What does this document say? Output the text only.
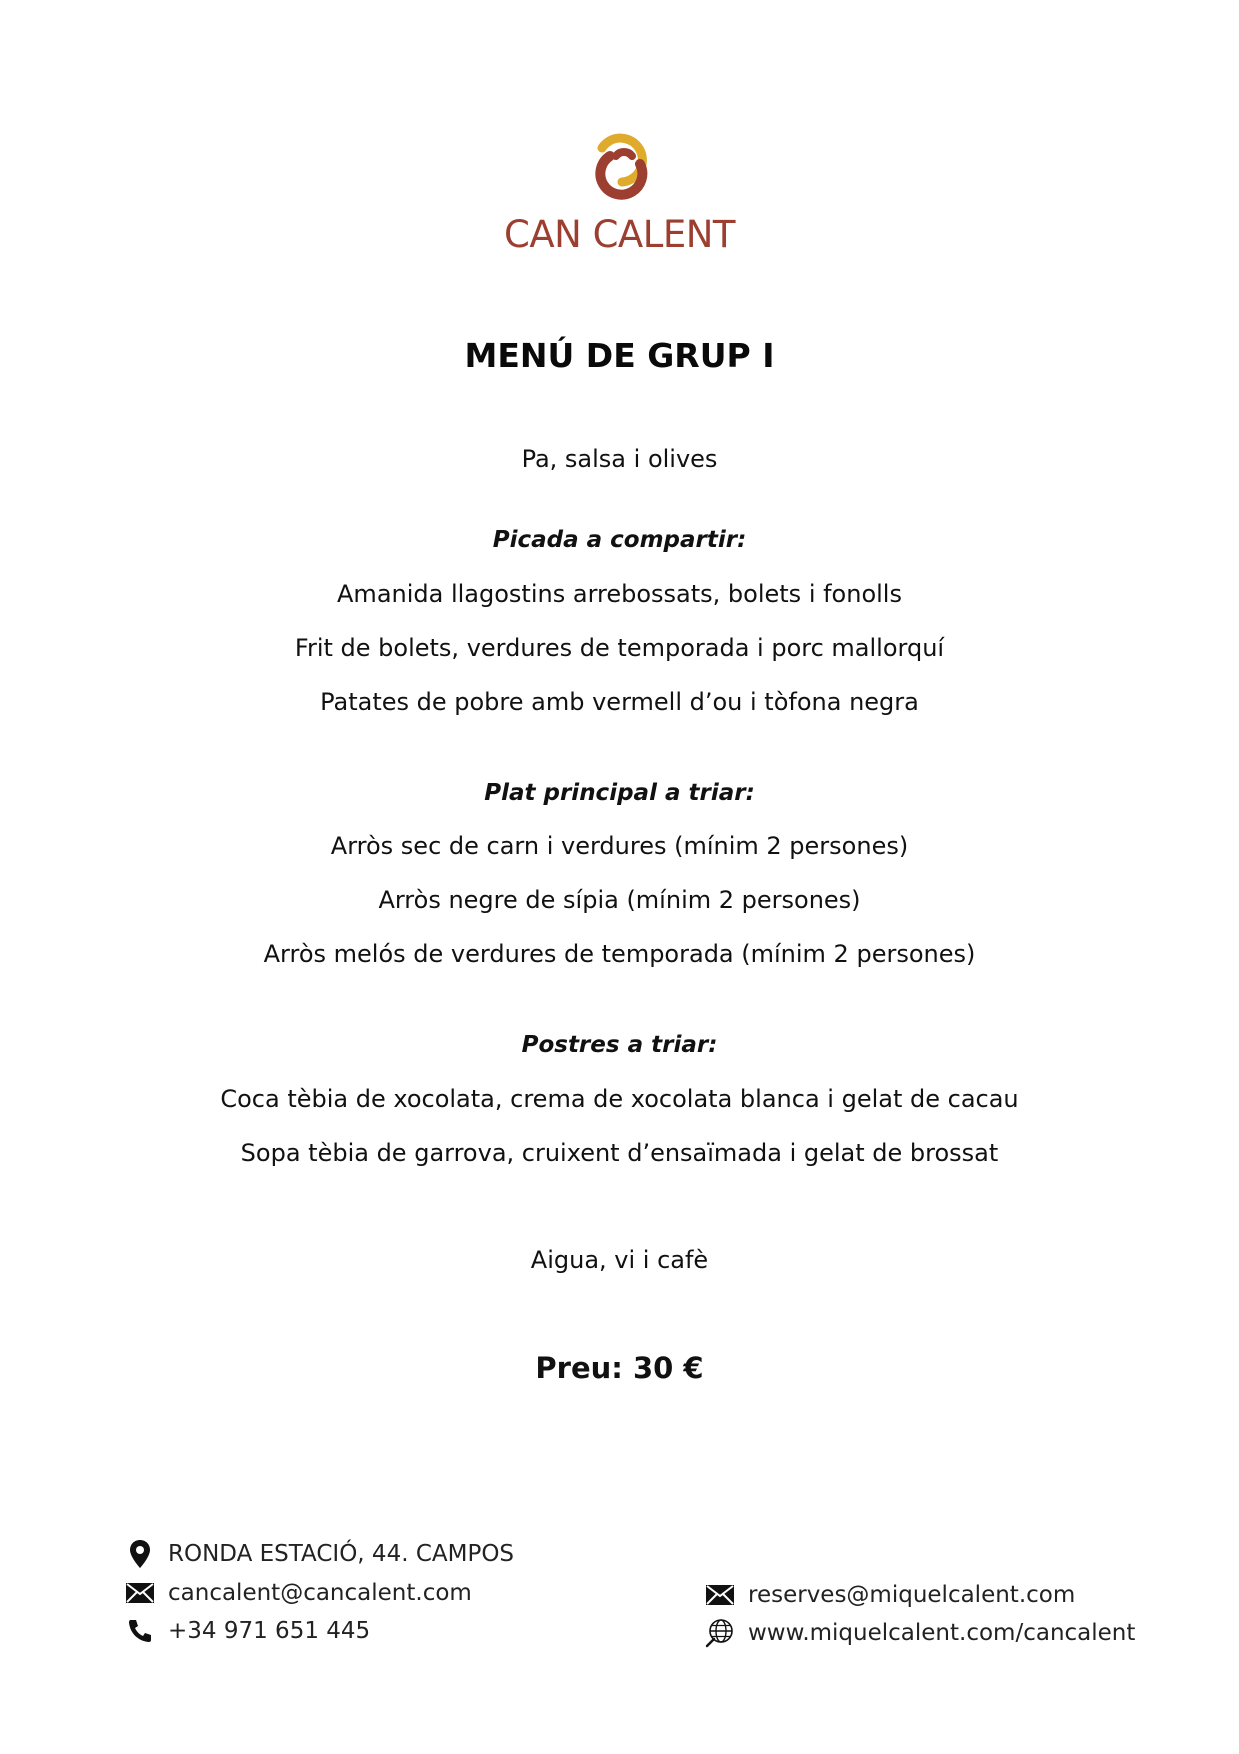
CAN CALENT
MENÚ DE GRUP I
Pa, salsa i olives
Picada a compartir:
Amanida llagostins arrebossats, bolets i fonolls
Frit de bolets, verdures de temporada i porc mallorquí
Patates de pobre amb vermell d’ou i tòfona negra
Plat principal a triar:
Arròs sec de carn i verdures (mínim 2 persones)
Arròs negre de sípia (mínim 2 persones)
Arròs melós de verdures de temporada (mínim 2 persones)
Postres a triar:
Coca tèbia de xocolata, crema de xocolata blanca i gelat de cacau
Sopa tèbia de garrova, cruixent d’ensaïmada i gelat de brossat
Aigua, vi i cafè
Preu: 30 €
RONDA ESTACIÓ, 44. CAMPOS
cancalent@cancalent.com
+34 971 651 445
reserves@miquelcalent.com
www.miquelcalent.com/cancalent
